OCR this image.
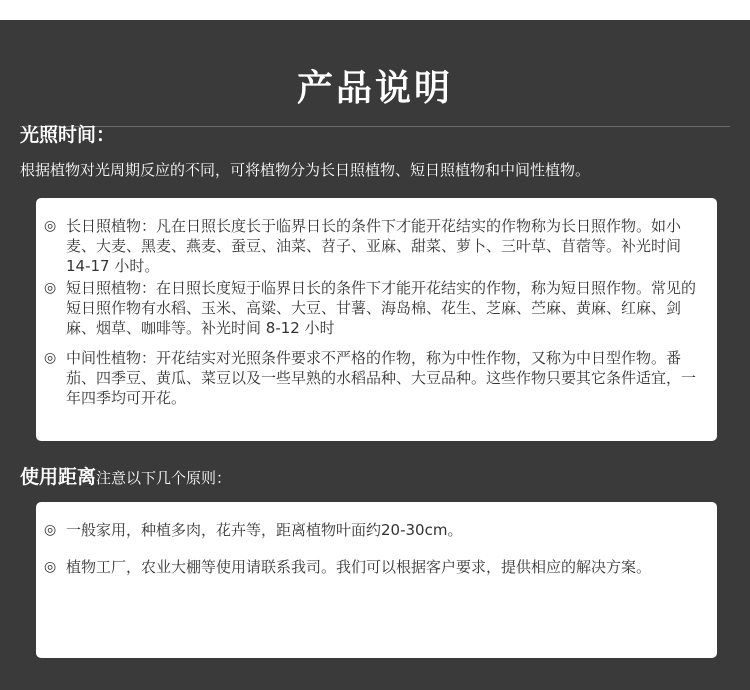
产品说明
光照时间：
根据植物对光周期反应的不同，可将植物分为长日照植物、短日照植物和中间性植物。
◎ 长日照植物：凡在日照长度长于临界日长的条件下才能开花结实的作物称为长日照作物。如小麦、大麦、黑麦、燕麦、蚕豆、油菜、苕子、亚麻、甜菜、萝卜、三叶草、苜蓿等。补光时间 14-17 小时。
◎ 短日照植物：在日照长度短于临界日长的条件下才能开花结实的作物，称为短日照作物。常见的短日照作物有水稻、玉米、高粱、大豆、甘薯、海岛棉、花生、芝麻、苎麻、黄麻、红麻、剑麻、烟草、咖啡等。补光时间 8-12 小时
◎ 中间性植物：开花结实对光照条件要求不严格的作物，称为中性作物，又称为中日型作物。番茄、四季豆、黄瓜、菜豆以及一些早熟的水稻品种、大豆品种。这些作物只要其它条件适宜，一年四季均可开花。
使用距离注意以下几个原则：
◎ 一般家用，种植多肉，花卉等，距离植物叶面约20-30cm。
◎ 植物工厂，农业大棚等使用请联系我司。我们可以根据客户要求，提供相应的解决方案。
